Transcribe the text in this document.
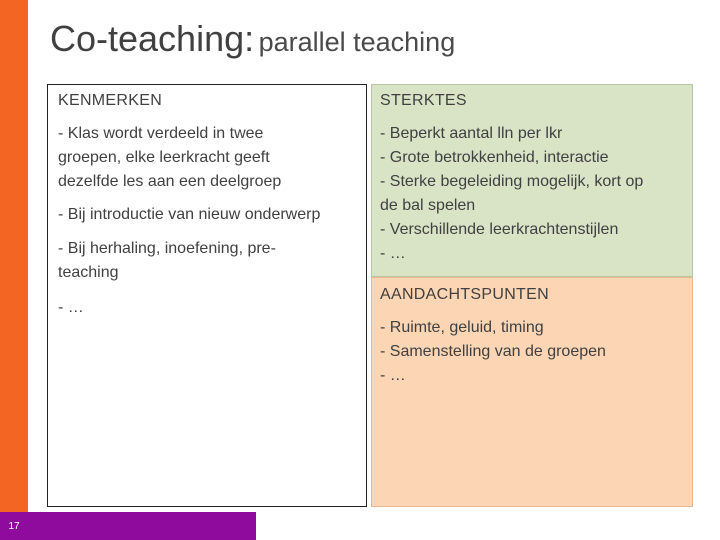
17
Co-teaching: parallel teaching
KENMERKEN
- Klas wordt verdeeld in twee
groepen, elke leerkracht geeft
dezelfde les aan een deelgroep
- Bij introductie van nieuw onderwerp
- Bij herhaling, inoefening, pre-
teaching
- …
STERKTES
- Beperkt aantal lln per lkr
- Grote betrokkenheid, interactie
- Sterke begeleiding mogelijk, kort op
de bal spelen
- Verschillende leerkrachtenstijlen
- …
AANDACHTSPUNTEN
- Ruimte, geluid, timing
- Samenstelling van de groepen
- …
